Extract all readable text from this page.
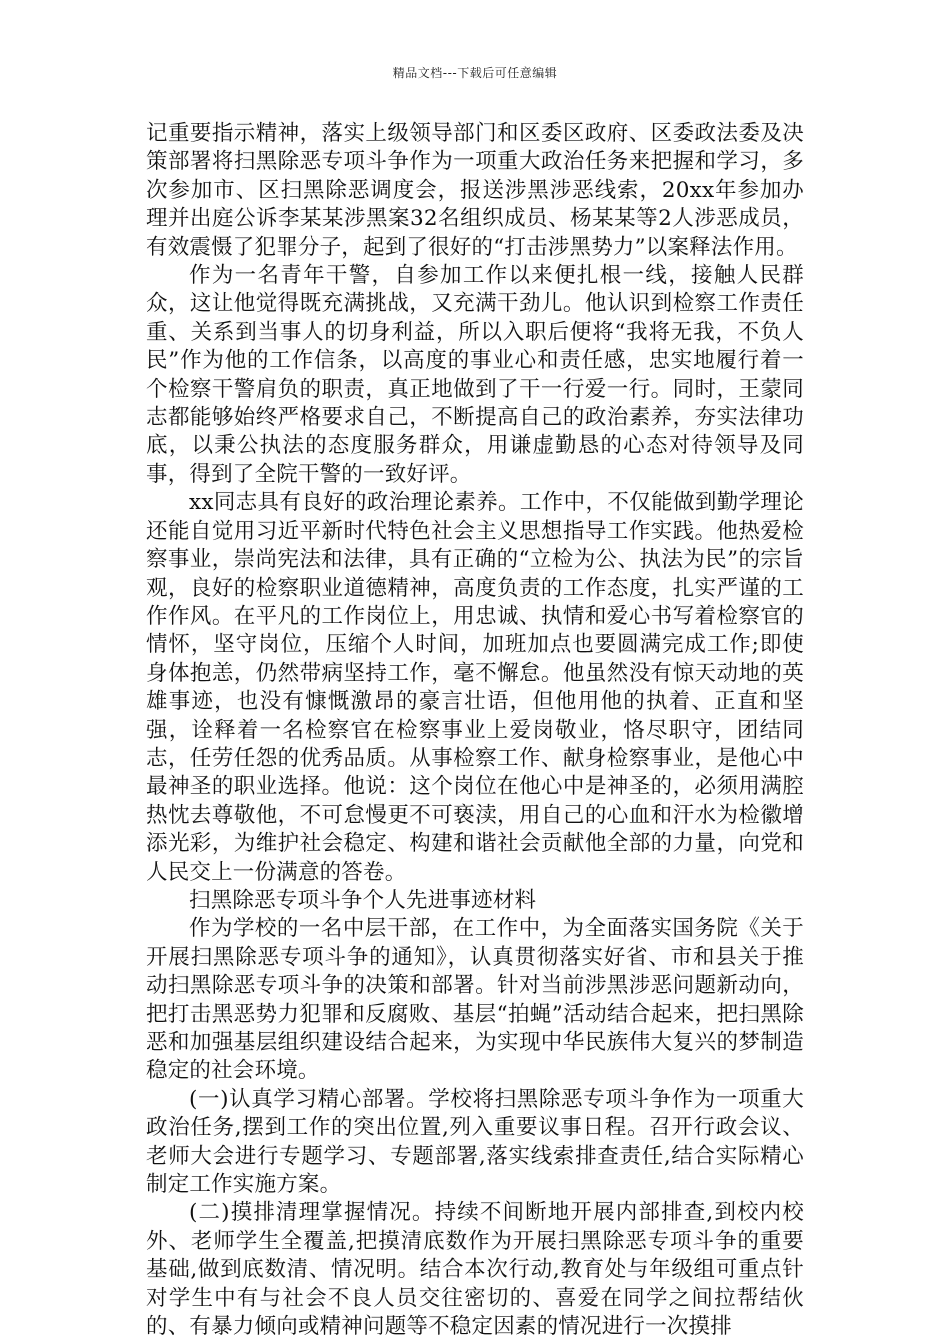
精品文档---下载后可任意编辑

记重要指示精神，落实上级领导部门和区委区政府、区委政法委及决策部署将扫黑除恶专项斗争作为一项重大政治任务来把握和学习，多次参加市、区扫黑除恶调度会，报送涉黑涉恶线索，20xx年参加办理并出庭公诉李某某涉黑案32名组织成员、杨某某等2人涉恶成员，有效震慑了犯罪分子，起到了很好的“打击涉黑势力”以案释法作用。

作为一名青年干警，自参加工作以来便扎根一线，接触人民群众，这让他觉得既充满挑战，又充满干劲儿。他认识到检察工作责任重、关系到当事人的切身利益，所以入职后便将“我将无我，不负人民”作为他的工作信条，以高度的事业心和责任感，忠实地履行着一个检察干警肩负的职责，真正地做到了干一行爱一行。同时，王蒙同志都能够始终严格要求自己，不断提高自己的政治素养，夯实法律功底，以秉公执法的态度服务群众，用谦虚勤恳的心态对待领导及同事，得到了全院干警的一致好评。

xx同志具有良好的政治理论素养。工作中，不仅能做到勤学理论还能自觉用习近平新时代特色社会主义思想指导工作实践。他热爱检察事业，崇尚宪法和法律，具有正确的“立检为公、执法为民”的宗旨观，良好的检察职业道德精神，高度负责的工作态度，扎实严谨的工作作风。在平凡的工作岗位上，用忠诚、执情和爱心书写着检察官的情怀，坚守岗位，压缩个人时间，加班加点也要圆满完成工作;即使身体抱恙，仍然带病坚持工作，毫不懈怠。他虽然没有惊天动地的英雄事迹，也没有慷慨激昂的豪言壮语，但他用他的执着、正直和坚强，诠释着一名检察官在检察事业上爱岗敬业，恪尽职守，团结同志，任劳任怨的优秀品质。从事检察工作、献身检察事业，是他心中最神圣的职业选择。他说：这个岗位在他心中是神圣的，必须用满腔热忱去尊敬他，不可怠慢更不可亵渎，用自己的心血和汗水为检徽增添光彩，为维护社会稳定、构建和谐社会贡献他全部的力量，向党和人民交上一份满意的答卷。

扫黑除恶专项斗争个人先进事迹材料

作为学校的一名中层干部，在工作中，为全面落实国务院《关于开展扫黑除恶专项斗争的通知》，认真贯彻落实好省、市和县关于推动扫黑除恶专项斗争的决策和部署。针对当前涉黑涉恶问题新动向，把打击黑恶势力犯罪和反腐败、基层“拍蝇”活动结合起来，把扫黑除恶和加强基层组织建设结合起来，为实现中华民族伟大复兴的梦制造稳定的社会环境。

(一)认真学习精心部署。学校将扫黑除恶专项斗争作为一项重大政治任务,摆到工作的突出位置,列入重要议事日程。召开行政会议、老师大会进行专题学习、专题部署,落实线索排查责任,结合实际精心制定工作实施方案。

(二)摸排清理掌握情况。持续不间断地开展内部排查,到校内校外、老师学生全覆盖,把摸清底数作为开展扫黑除恶专项斗争的重要基础,做到底数清、情况明。结合本次行动,教育处与年级组可重点针对学生中有与社会不良人员交往密切的、喜爱在同学之间拉帮结伙的、有暴力倾向或精神问题等不稳定因素的情况进行一次摸排
